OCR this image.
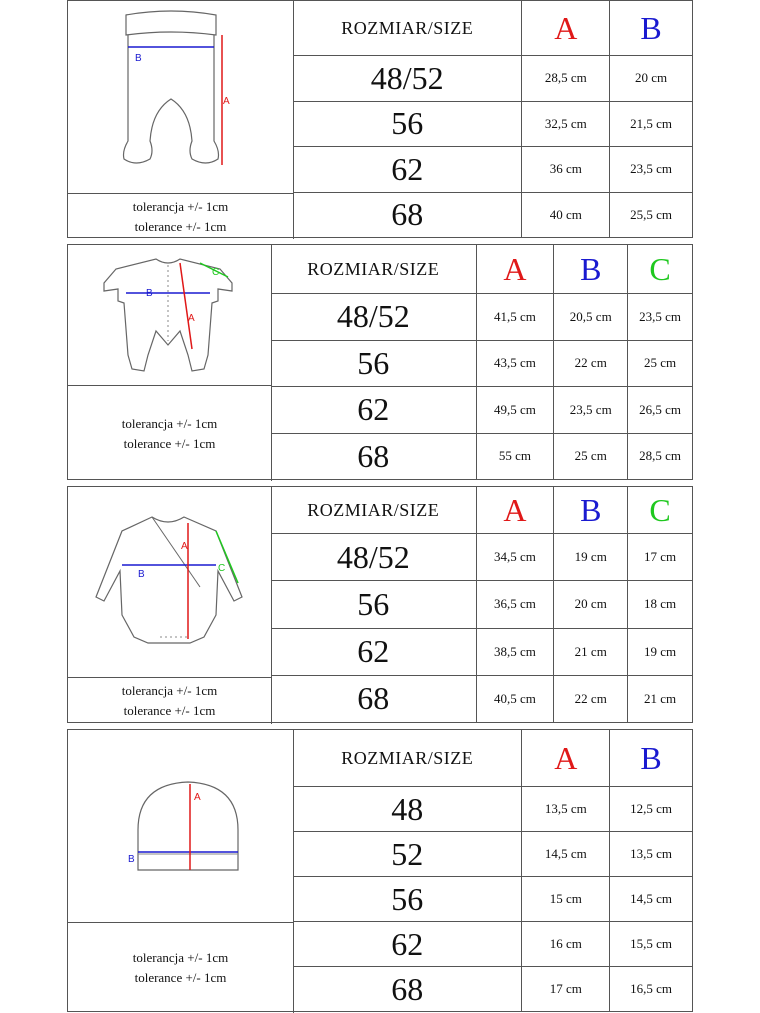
B
A
tolerancja +/- 1cm
tolerance +/- 1cm
ROZMIAR/SIZE	A	B
48/52	28,5 cm	20 cm
56	32,5 cm	21,5 cm
62	36 cm	23,5 cm
68	40 cm	25,5 cm
B
A
C
tolerancja +/- 1cm
tolerance +/- 1cm
ROZMIAR/SIZE	A	B	C
48/52	41,5 cm	20,5 cm	23,5 cm
56	43,5 cm	22 cm	25 cm
62	49,5 cm	23,5 cm	26,5 cm
68	55 cm	25 cm	28,5 cm
B
A
C
tolerancja +/- 1cm
tolerance +/- 1cm
ROZMIAR/SIZE	A	B	C
48/52	34,5 cm	19 cm	17 cm
56	36,5 cm	20 cm	18 cm
62	38,5 cm	21 cm	19 cm
68	40,5 cm	22 cm	21 cm
B
A
tolerancja +/- 1cm
tolerance +/- 1cm
ROZMIAR/SIZE	A	B
48	13,5 cm	12,5 cm
52	14,5 cm	13,5 cm
56	15 cm	14,5 cm
62	16 cm	15,5 cm
68	17 cm	16,5 cm
